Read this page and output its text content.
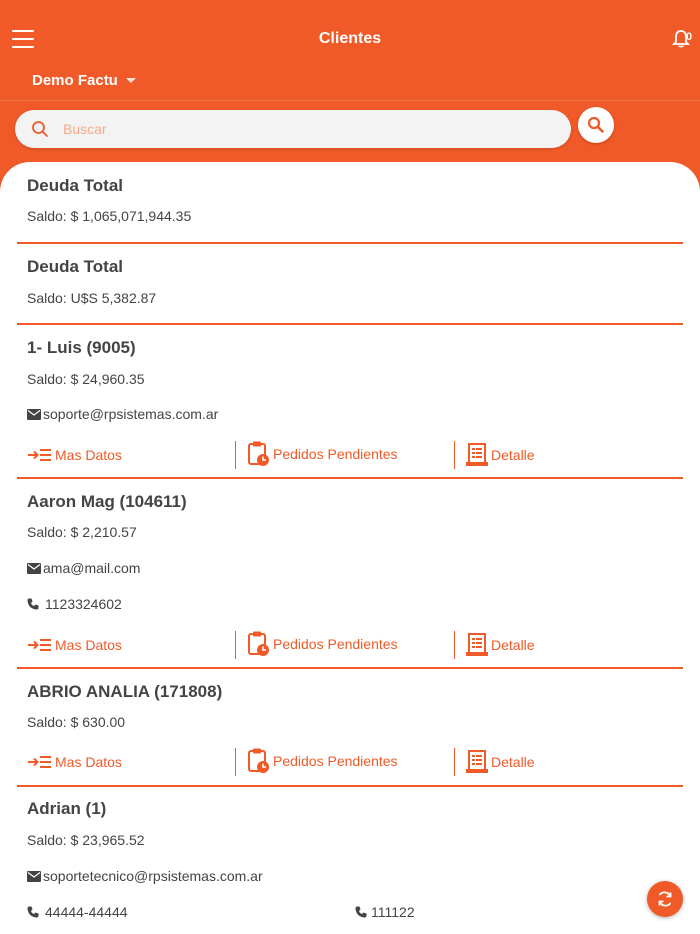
Clientes	0
Demo Factu
Buscar
Deuda Total
Saldo: $ 1,065,071,944.35
Deuda Total
Saldo: U$S 5,382.87
1- Luis (9005)
Saldo: $ 24,960.35
soporte@rpsistemas.com.ar
Mas Datos	Pedidos Pendientes	Detalle
Aaron Mag (104611)
Saldo: $ 2,210.57
ama@mail.com
1123324602
Mas Datos	Pedidos Pendientes	Detalle
ABRIO ANALIA (171808)
Saldo: $ 630.00
Mas Datos	Pedidos Pendientes	Detalle
Adrian (1)
Saldo: $ 23,965.52
soportetecnico@rpsistemas.com.ar
44444-44444	111122
